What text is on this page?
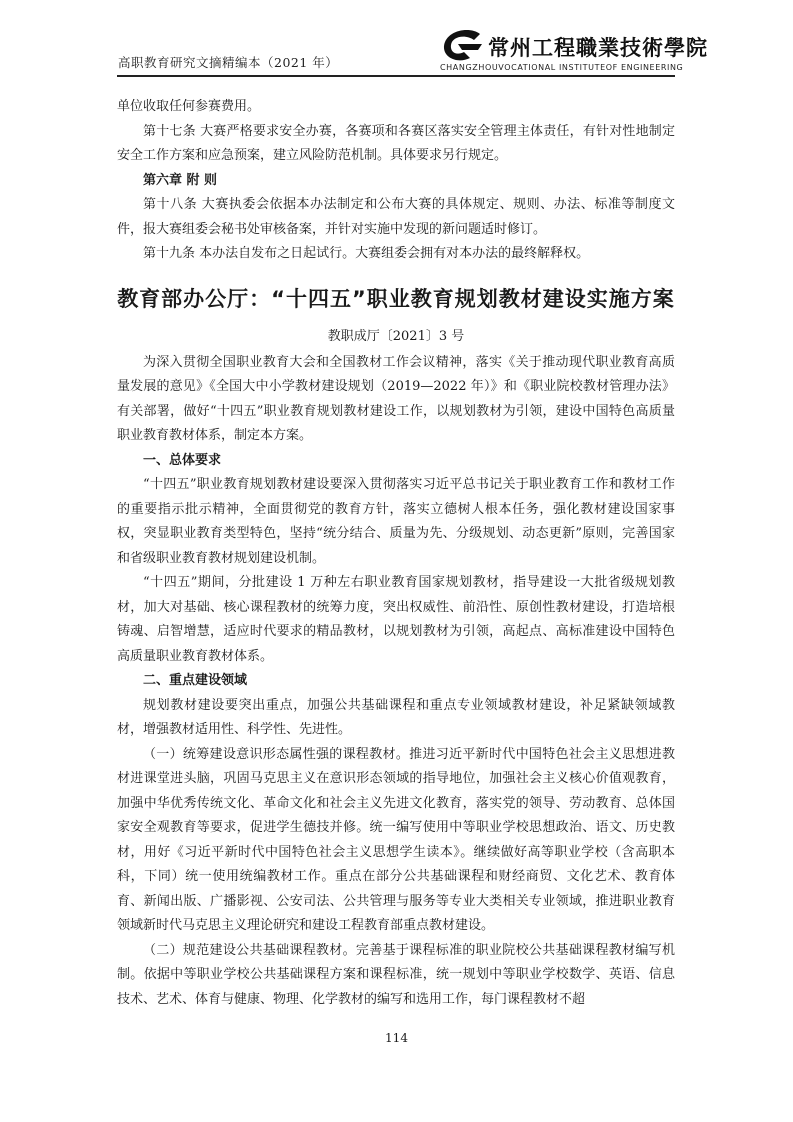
高职教育研究文摘精编本（2021 年）
常州工程職業技術學院
CHANGZHOUVOCATIONAL INSTITUTEOF ENGINEERING

单位收取任何参赛费用。

第十七条 大赛严格要求安全办赛，各赛项和各赛区落实安全管理主体责任，有针对性地制定安全工作方案和应急预案，建立风险防范机制。具体要求另行规定。

第六章 附 则

第十八条 大赛执委会依据本办法制定和公布大赛的具体规定、规则、办法、标准等制度文件，报大赛组委会秘书处审核备案，并针对实施中发现的新问题适时修订。

第十九条 本办法自发布之日起试行。大赛组委会拥有对本办法的最终解释权。

教育部办公厅：“十四五”职业教育规划教材建设实施方案
教职成厅〔2021〕3 号

为深入贯彻全国职业教育大会和全国教材工作会议精神，落实《关于推动现代职业教育高质量发展的意见》《全国大中小学教材建设规划（2019—2022 年）》和《职业院校教材管理办法》有关部署，做好“十四五”职业教育规划教材建设工作，以规划教材为引领，建设中国特色高质量职业教育教材体系，制定本方案。

一、总体要求

“十四五”职业教育规划教材建设要深入贯彻落实习近平总书记关于职业教育工作和教材工作的重要指示批示精神，全面贯彻党的教育方针，落实立德树人根本任务，强化教材建设国家事权，突显职业教育类型特色，坚持“统分结合、质量为先、分级规划、动态更新”原则，完善国家和省级职业教育教材规划建设机制。

“十四五”期间，分批建设 1 万种左右职业教育国家规划教材，指导建设一大批省级规划教材，加大对基础、核心课程教材的统筹力度，突出权威性、前沿性、原创性教材建设，打造培根铸魂、启智增慧，适应时代要求的精品教材，以规划教材为引领，高起点、高标准建设中国特色高质量职业教育教材体系。

二、重点建设领域

规划教材建设要突出重点，加强公共基础课程和重点专业领域教材建设，补足紧缺领域教材，增强教材适用性、科学性、先进性。

（一）统筹建设意识形态属性强的课程教材。推进习近平新时代中国特色社会主义思想进教材进课堂进头脑，巩固马克思主义在意识形态领域的指导地位，加强社会主义核心价值观教育，加强中华优秀传统文化、革命文化和社会主义先进文化教育，落实党的领导、劳动教育、总体国家安全观教育等要求，促进学生德技并修。统一编写使用中等职业学校思想政治、语文、历史教材，用好《习近平新时代中国特色社会主义思想学生读本》。继续做好高等职业学校（含高职本科，下同）统一使用统编教材工作。重点在部分公共基础课程和财经商贸、文化艺术、教育体育、新闻出版、广播影视、公安司法、公共管理与服务等专业大类相关专业领域，推进职业教育领域新时代马克思主义理论研究和建设工程教育部重点教材建设。

（二）规范建设公共基础课程教材。完善基于课程标准的职业院校公共基础课程教材编写机制。依据中等职业学校公共基础课程方案和课程标准，统一规划中等职业学校数学、英语、信息技术、艺术、体育与健康、物理、化学教材的编写和选用工作，每门课程教材不超

114
